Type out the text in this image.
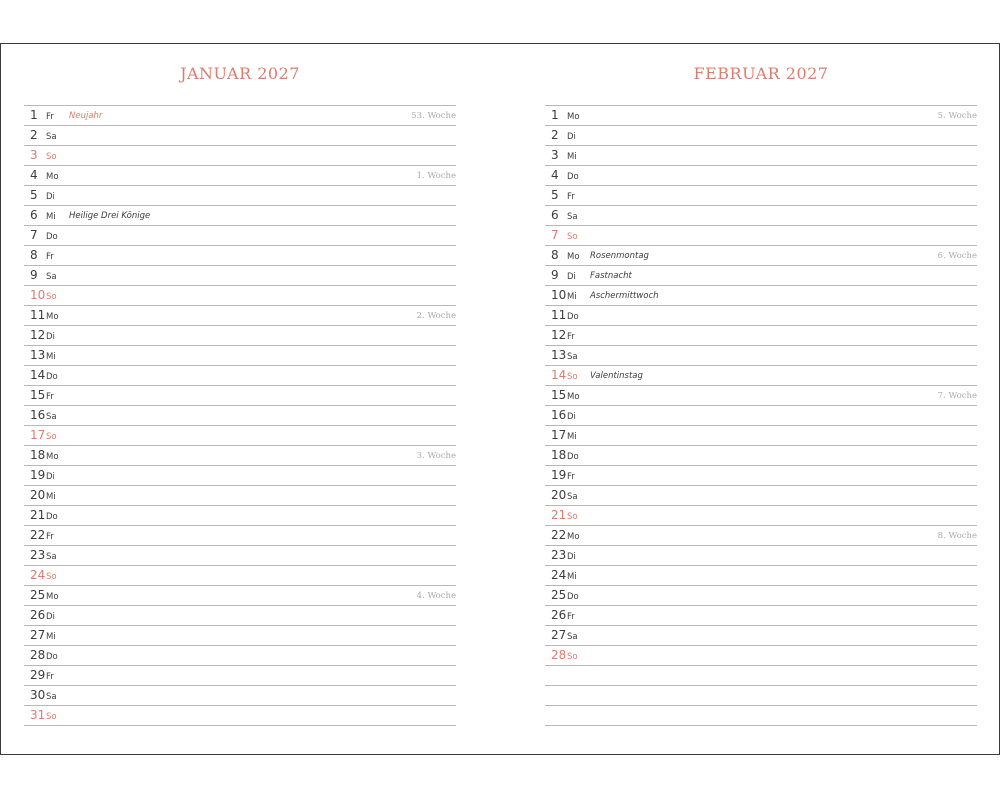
JANUAR 2027
1 Fr Neujahr	53. Woche
2 Sa
3 So
4 Mo	1. Woche
5 Di
6 Mi Heilige Drei Könige
7 Do
8 Fr
9 Sa
10 So
11 Mo	2. Woche
12 Di
13 Mi
14 Do
15 Fr
16 Sa
17 So
18 Mo	3. Woche
19 Di
20 Mi
21 Do
22 Fr
23 Sa
24 So
25 Mo	4. Woche
26 Di
27 Mi
28 Do
29 Fr
30 Sa
31 So
FEBRUAR 2027
1 Mo	5. Woche
2 Di
3 Mi
4 Do
5 Fr
6 Sa
7 So
8 Mo Rosenmontag	6. Woche
9 Di Fastnacht
10 Mi Aschermittwoch
11 Do
12 Fr
13 Sa
14 So Valentinstag
15 Mo	7. Woche
16 Di
17 Mi
18 Do
19 Fr
20 Sa
21 So
22 Mo	8. Woche
23 Di
24 Mi
25 Do
26 Fr
27 Sa
28 So
